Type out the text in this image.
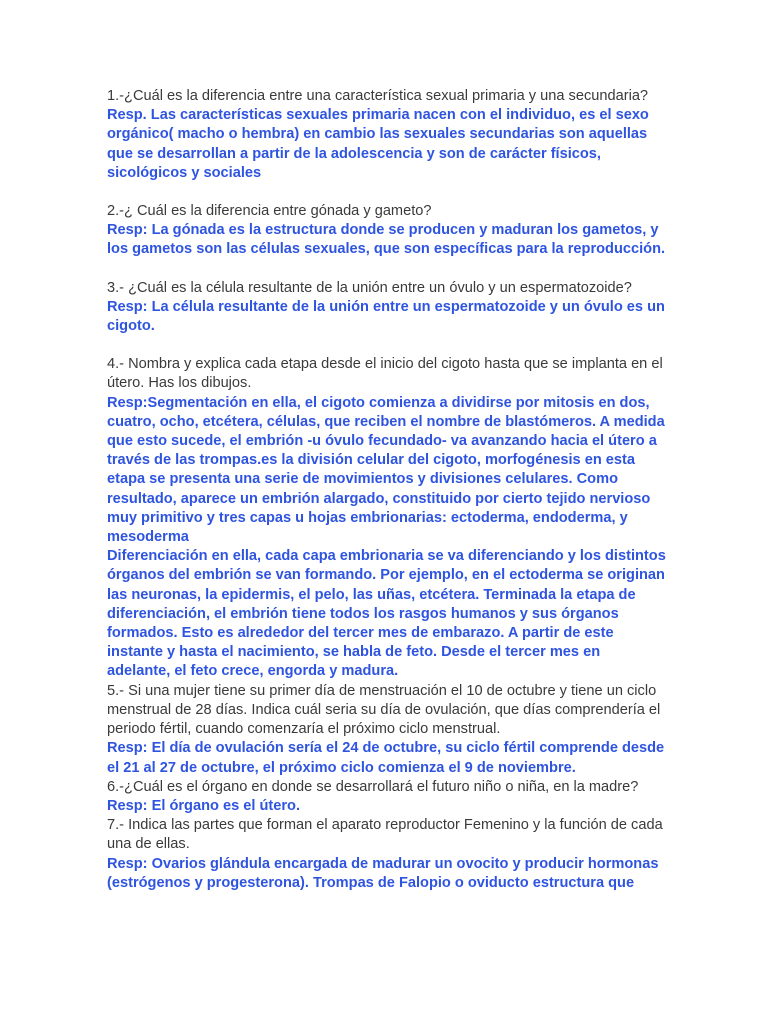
1.-¿Cuál es la diferencia entre una característica sexual primaria y una secundaria?

Resp. Las características sexuales primaria nacen con el individuo, es el sexo orgánico( macho o hembra) en cambio las sexuales secundarias son aquellas que se desarrollan a partir de la adolescencia y son de carácter físicos, sicológicos y sociales

2.-¿ Cuál es la diferencia entre gónada y gameto?

Resp: La gónada es la estructura donde se producen y maduran los gametos, y los gametos son las células sexuales, que son específicas para la reproducción.

3.- ¿Cuál es la célula resultante de la unión entre un óvulo y un espermatozoide?

Resp: La célula resultante de la unión entre un espermatozoide y un óvulo es un cigoto.

4.- Nombra y explica cada etapa desde el inicio del cigoto hasta que se implanta en el útero. Has los dibujos.

Resp:Segmentación en ella, el cigoto comienza a dividirse por mitosis en dos, cuatro, ocho, etcétera, células, que reciben el nombre de blastómeros. A medida que esto sucede, el embrión -u óvulo fecundado- va avanzando hacia el útero a través de las trompas.es la división celular del cigoto, morfogénesis en esta etapa se presenta una serie de movimientos y divisiones celulares. Como resultado, aparece un embrión alargado, constituido por cierto tejido nervioso muy primitivo y tres capas u hojas embrionarias: ectoderma, endoderma, y mesoderma

Diferenciación en ella, cada capa embrionaria se va diferenciando y los distintos órganos del embrión se van formando. Por ejemplo, en el ectoderma se originan las neuronas, la epidermis, el pelo, las uñas, etcétera. Terminada la etapa de diferenciación, el embrión tiene todos los rasgos humanos y sus órganos formados. Esto es alrededor del tercer mes de embarazo. A partir de este instante y hasta el nacimiento, se habla de feto. Desde el tercer mes en adelante, el feto crece, engorda y madura.

5.- Si una mujer tiene su primer día de menstruación el 10 de octubre y tiene un ciclo menstrual de 28 días. Indica cuál seria su día de ovulación, que días comprendería el periodo fértil, cuando comenzaría el próximo ciclo menstrual.

Resp: El día de ovulación sería el 24 de octubre, su ciclo fértil comprende desde el 21 al 27 de octubre, el próximo ciclo comienza el 9 de noviembre.

6.-¿Cuál es el órgano en donde se desarrollará el futuro niño o niña, en la madre?

Resp: El órgano es el útero.

7.- Indica las partes que forman el aparato reproductor Femenino y la función de cada una de ellas.

Resp: Ovarios glándula encargada de madurar un ovocito y producir hormonas (estrógenos y progesterona). Trompas de Falopio o oviducto estructura que
